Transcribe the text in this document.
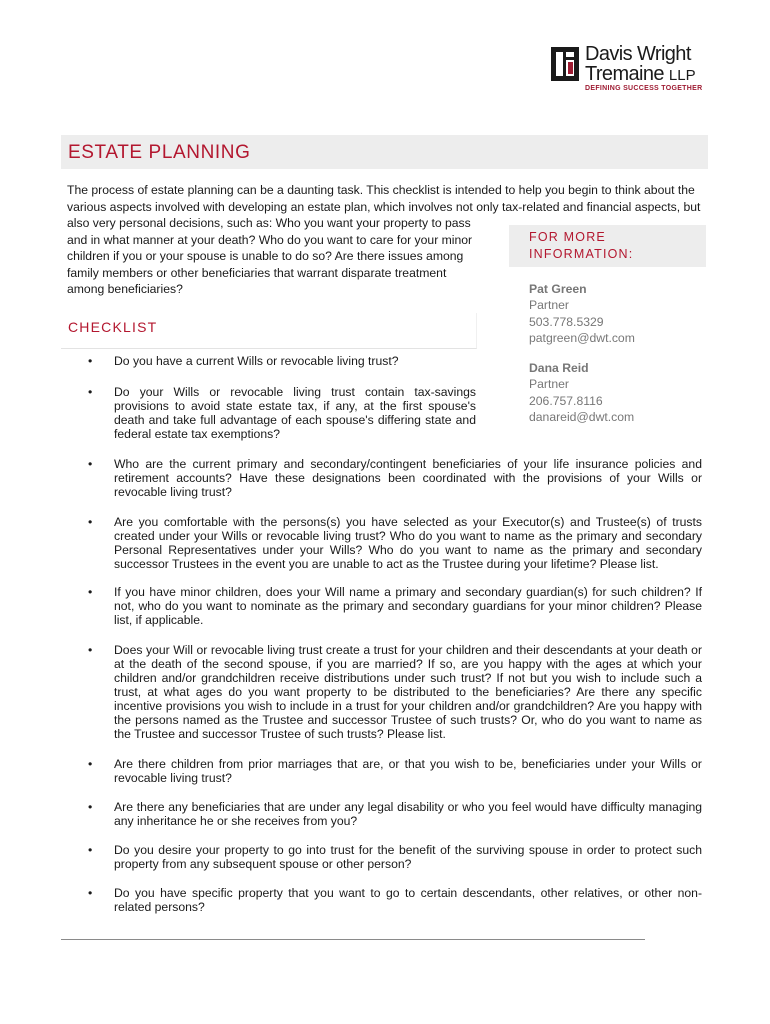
Davis Wright
Tremaine LLP
DEFINING SUCCESS TOGETHER
ESTATE PLANNING

The process of estate planning can be a daunting task. This checklist is intended to help you begin to think about the various aspects involved with developing an estate plan, which involves not only tax-related and financial aspects, but

also very personal decisions, such as: Who you want your property to pass and in what manner at your death? Who do you want to care for your minor children if you or your spouse is unable to do so? Are there issues among family members or other beneficiaries that warrant disparate treatment among beneficiaries?

FOR MORE
INFORMATION:
Pat Green
Partner
503.778.5329
patgreen@dwt.com
Dana Reid
Partner
206.757.8116
danareid@dwt.com
CHECKLIST
•	Do you have a current Wills or revocable living trust?
•	Do your Wills or revocable living trust contain tax-savings provisions to avoid state estate tax, if any, at the first spouse's death and take full advantage of each spouse's differing state and federal estate tax exemptions?
•	Who are the current primary and secondary/contingent beneficiaries of your life insurance policies and retirement accounts? Have these designations been coordinated with the provisions of your Wills or revocable living trust?
•	Are you comfortable with the persons(s) you have selected as your Executor(s) and Trustee(s) of trusts created under your Wills or revocable living trust? Who do you want to name as the primary and secondary Personal Representatives under your Wills? Who do you want to name as the primary and secondary successor Trustees in the event you are unable to act as the Trustee during your lifetime? Please list.
•	If you have minor children, does your Will name a primary and secondary guardian(s) for such children? If not, who do you want to nominate as the primary and secondary guardians for your minor children? Please list, if applicable.
•	Does your Will or revocable living trust create a trust for your children and their descendants at your death or at the death of the second spouse, if you are married? If so, are you happy with the ages at which your children and/or grandchildren receive distributions under such trust? If not but you wish to include such a trust, at what ages do you want property to be distributed to the beneficiaries? Are there any specific incentive provisions you wish to include in a trust for your children and/or grandchildren? Are you happy with the persons named as the Trustee and successor Trustee of such trusts? Or, who do you want to name as the Trustee and successor Trustee of such trusts? Please list.
•	Are there children from prior marriages that are, or that you wish to be, beneficiaries under your Wills or revocable living trust?
•	Are there any beneficiaries that are under any legal disability or who you feel would have difficulty managing any inheritance he or she receives from you?
•	Do you desire your property to go into trust for the benefit of the surviving spouse in order to protect such property from any subsequent spouse or other person?
•	Do you have specific property that you want to go to certain descendants, other relatives, or other non-related persons?
